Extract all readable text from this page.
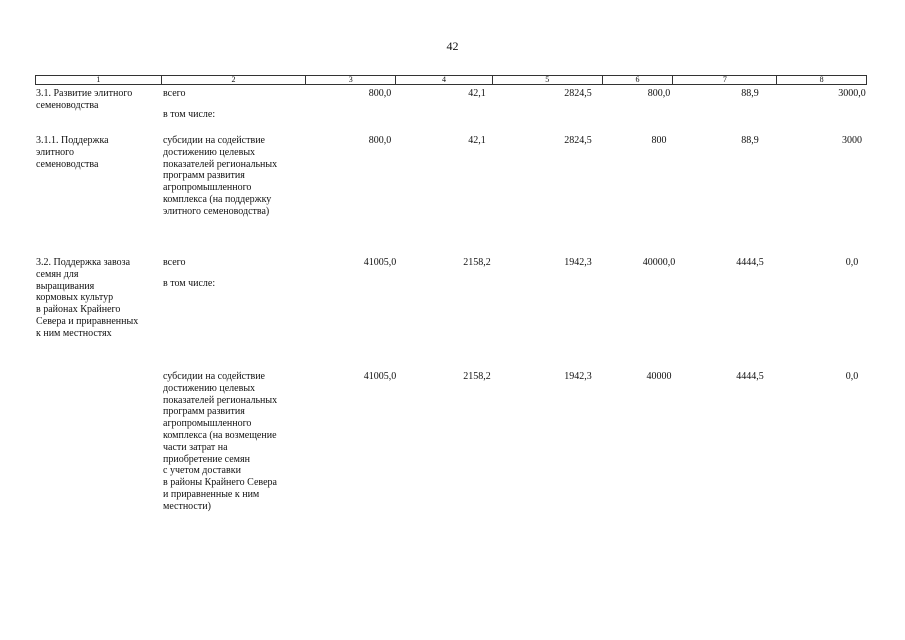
42
1	2	3	4	5	6	7	8
3.1. Развитие элитного
семеноводства
всего
в том числе:
800,0	42,1	2824,5	800,0	88,9	3000,0
3.1.1. Поддержка
элитного
семеноводства
субсидии на содействие
достижению целевых
показателей региональных
программ развития
агропромышленного
комплекса (на поддержку
элитного семеноводства)
800,0	42,1	2824,5	800	88,9	3000
3.2. Поддержка завоза
семян для
выращивания
кормовых культур
в районах Крайнего
Севера и приравненных
к ним местностях
всего
в том числе:
41005,0	2158,2	1942,3	40000,0	4444,5	0,0
субсидии на содействие
достижению целевых
показателей региональных
программ развития
агропромышленного
комплекса (на возмещение
части затрат на
приобретение семян
с учетом доставки
в районы Крайнего Севера
и приравненные к ним
местности)
41005,0	2158,2	1942,3	40000	4444,5	0,0
